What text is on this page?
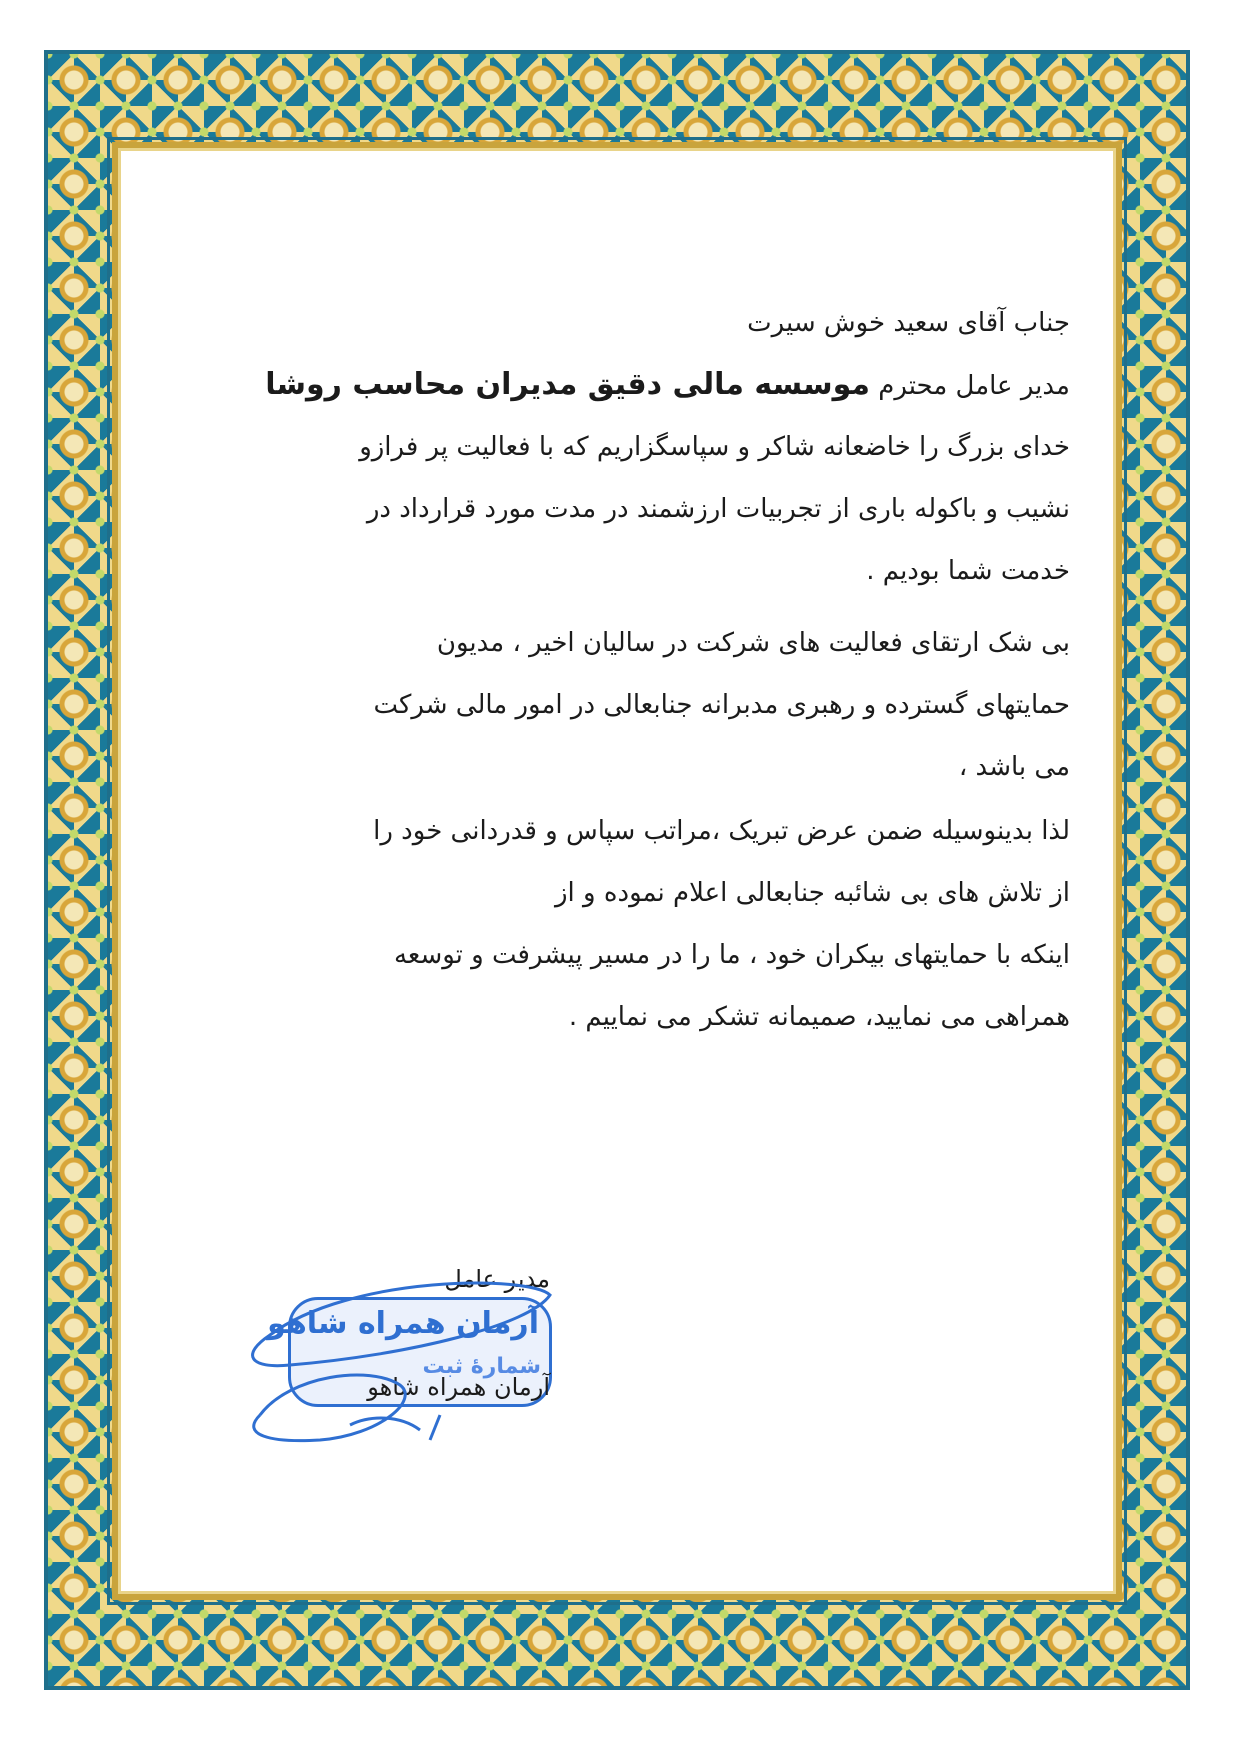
جناب آقای سعید خوش سیرت
مدیر عامل محترم موسسه مالی دقیق مدیران محاسب روشا
خدای بزرگ را خاضعانه شاکر و سپاسگزاریم که با فعالیت پر فرازو
نشیب و باکوله باری از تجربیات ارزشمند در مدت مورد قرارداد در
خدمت شما بودیم .
بی شک ارتقای فعالیت های شرکت در سالیان اخیر ، مدیون
حمایتهای گسترده و رهبری مدبرانه جنابعالی در امور مالی شرکت
می باشد ،
لذا بدینوسیله ضمن عرض تبریک ،مراتب سپاس و قدردانی خود را
از تلاش های بی شائبه جنابعالی اعلام نموده و از
اینکه با حمایتهای بیکران خود ، ما را در مسیر پیشرفت و توسعه
همراهی می نمایید، صمیمانه تشکر می نماییم .
مدیر عامل
آرمان همراه شاهو
شمارۀ ثبت
آرمان همراه شاهو
